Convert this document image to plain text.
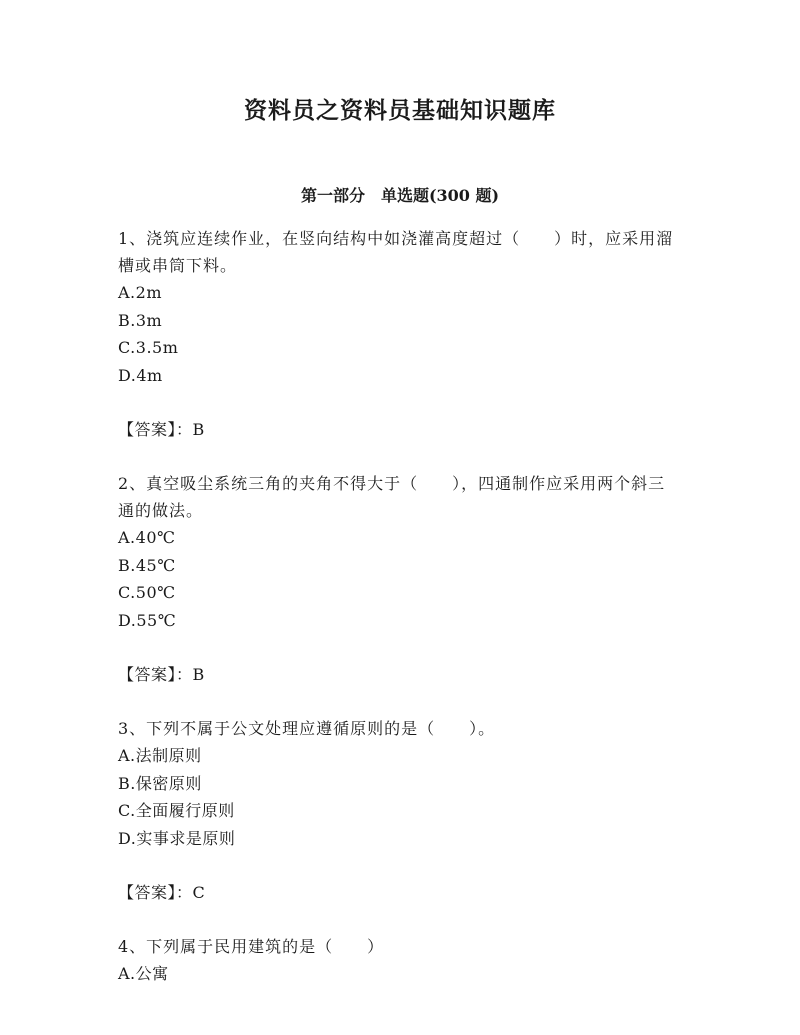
资料员之资料员基础知识题库
第一部分　单选题(300 题)

1、浇筑应连续作业，在竖向结构中如浇灌高度超过（　　）时，应采用溜槽或串筒下料。

A.2m

B.3m

C.3.5m

D.4m

【答案】：B

2、真空吸尘系统三角的夹角不得大于（　　），四通制作应采用两个斜三通的做法。

A.40℃

B.45℃

C.50℃

D.55℃

【答案】：B

3、下列不属于公文处理应遵循原则的是（　　）。

A.法制原则

B.保密原则

C.全面履行原则

D.实事求是原则

【答案】：C

4、下列属于民用建筑的是（　　）

A.公寓
